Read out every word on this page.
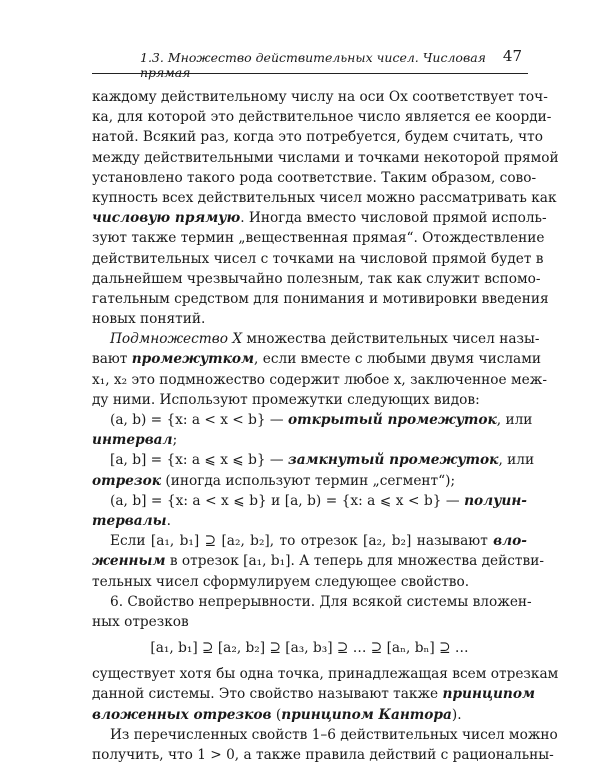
1.3. Множество действительных чисел. Числовая прямая
47
каждому действительному числу на оси Ox соответствует точ-
ка, для которой это действительное число является ее коорди-
натой. Всякий раз, когда это потребуется, будем считать, что
между действительными числами и точками некоторой прямой
установлено такого рода соответствие. Таким образом, сово-
купность всех действительных чисел можно рассматривать как
числовую прямую. Иногда вместо числовой прямой исполь-
зуют также термин „вещественная прямая“. Отождествление
действительных чисел с точками на числовой прямой будет в
дальнейшем чрезвычайно полезным, так как служит вспомо-
гательным средством для понимания и мотивировки введения
новых понятий.
Подмножество X множества действительных чисел назы-
вают промежутком, если вместе с любыми двумя числами
x₁, x₂ это подмножество содержит любое x, заключенное меж-
ду ними. Используют промежутки следующих видов:
(a, b) = {x: a < x < b} — открытый промежуток, или
интервал;
[a, b] = {x: a ⩽ x ⩽ b} — замкнутый промежуток, или
отрезок (иногда используют термин „сегмент“);
(a, b] = {x: a < x ⩽ b} и [a, b) = {x: a ⩽ x < b} — полуин-
тервалы.
Если [a₁, b₁] ⊇ [a₂, b₂], то отрезок [a₂, b₂] называют вло-
женным в отрезок [a₁, b₁]. А теперь для множества действи-
тельных чисел сформулируем следующее свойство.
6. Свойство непрерывности. Для всякой системы вложен-
ных отрезков
[a₁, b₁] ⊇ [a₂, b₂] ⊇ [a₃, b₃] ⊇ … ⊇ [aₙ, bₙ] ⊇ …
существует хотя бы одна точка, принадлежащая всем отрезкам
данной системы. Это свойство называют также принципом
вложенных отрезков (принципом Кантора).
Из перечисленных свойств 1–6 действительных чисел можно
получить, что 1 > 0, а также правила действий с рациональны-
